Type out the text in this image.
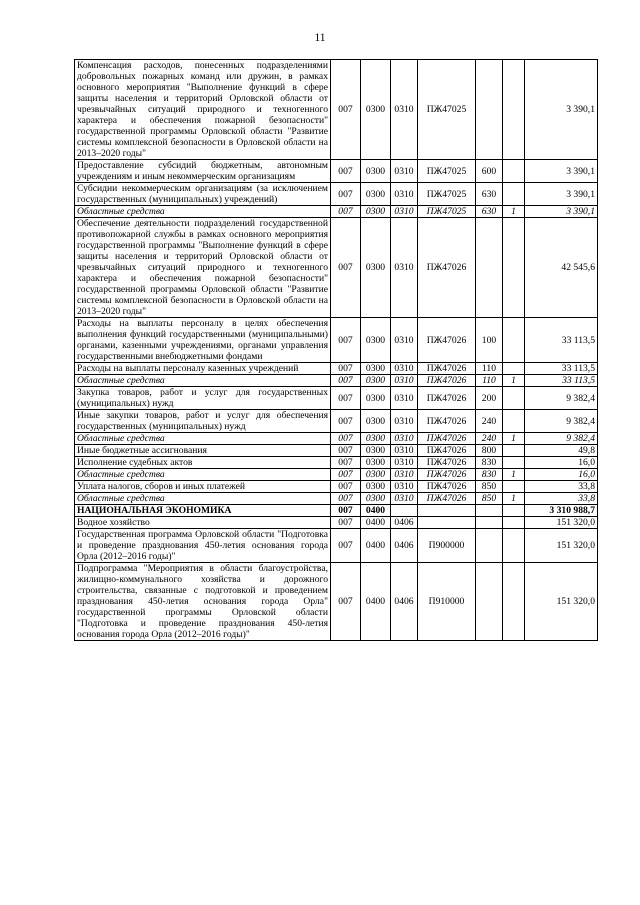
11
Компенсация расходов, понесенных подразделениями добровольных пожарных команд или дружин, в рамках основного мероприятия "Выполнение функций в сфере защиты населения и территорий Орловской области от чрезвычайных ситуаций природного и техногенного характера и обеспечения пожарной безопасности" государственной программы Орловской области "Развитие системы комплексной безопасности в Орловской области на 2013–2020 годы"	007	0300	0310	ПЖ47025			3 390,1
Предоставление субсидий бюджетным, автономным учреждениям и иным некоммерческим организациям	007	0300	0310	ПЖ47025	600		3 390,1
Субсидии некоммерческим организациям (за исключением государственных (муниципальных) учреждений)	007	0300	0310	ПЖ47025	630		3 390,1
Областные средства	007	0300	0310	ПЖ47025	630	1	3 390,1
Обеспечение деятельности подразделений государственной противопожарной службы в рамках основного мероприятия государственной программы "Выполнение функций в сфере защиты населения и территорий Орловской области от чрезвычайных ситуаций природного и техногенного характера и обеспечения пожарной безопасности" государственной программы Орловской области "Развитие системы комплексной безопасности в Орловской области на 2013–2020 годы"	007	0300	0310	ПЖ47026			42 545,6
Расходы на выплаты персоналу в целях обеспечения выполнения функций государственными (муниципальными) органами, казенными учреждениями, органами управления государственными внебюджетными фондами	007	0300	0310	ПЖ47026	100		33 113,5
Расходы на выплаты персоналу казенных учреждений	007	0300	0310	ПЖ47026	110		33 113,5
Областные средства	007	0300	0310	ПЖ47026	110	1	33 113,5
Закупка товаров, работ и услуг для государственных (муниципальных) нужд	007	0300	0310	ПЖ47026	200		9 382,4
Иные закупки товаров, работ и услуг для обеспечения государственных (муниципальных) нужд	007	0300	0310	ПЖ47026	240		9 382,4
Областные средства	007	0300	0310	ПЖ47026	240	1	9 382,4
Иные бюджетные ассигнования	007	0300	0310	ПЖ47026	800		49,8
Исполнение судебных актов	007	0300	0310	ПЖ47026	830		16,0
Областные средства	007	0300	0310	ПЖ47026	830	1	16,0
Уплата налогов, сборов и иных платежей	007	0300	0310	ПЖ47026	850		33,8
Областные средства	007	0300	0310	ПЖ47026	850	1	33,8
НАЦИОНАЛЬНАЯ ЭКОНОМИКА	007	0400					3 310 988,7
Водное хозяйство	007	0400	0406				151 320,0
Государственная программа Орловской области "Подготовка и проведение празднования 450-летия основания города Орла (2012–2016 годы)"	007	0400	0406	П900000			151 320,0
Подпрограмма "Мероприятия в области благоустройства, жилищно-коммунального хозяйства и дорожного строительства, связанные с подготовкой и проведением празднования 450-летия основания города Орла" государственной программы Орловской области "Подготовка и проведение празднования 450-летия основания города Орла (2012–2016 годы)"	007	0400	0406	П910000			151 320,0
